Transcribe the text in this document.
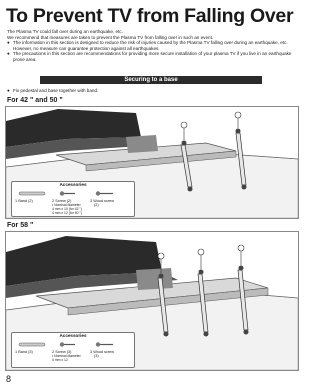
To Prevent TV from Falling Over

The Plasma TV could fall over during an earthquake, etc.

We recommend that measures are taken to prevent the Plasma TV from falling over in such an event.

● The information in this section is designed to reduce the risk of injuries caused by the Plasma TV falling over during an earthquake, etc.
However, no measure can guarantee protection against all earthquakes.
● The precautions in this section are recommendations for providing more secure installation of your plasma TV if you live in an earthquake prone area.
Securing to a base
● Fix pedestal and base together with band.
For 42 " and 50 "
Accessories
1 Band (2)	2 Screw (2)
• Nominal diameter
4 mm x 10 (for 42 ")
4 mm x 12 (for 50 ")
3 Wood screw
(2)
For 58 "
Accessories
1 Band (3)	2 Screw (3)
• Nominal diameter
4 mm x 12
3 Wood screw
(3)
8
